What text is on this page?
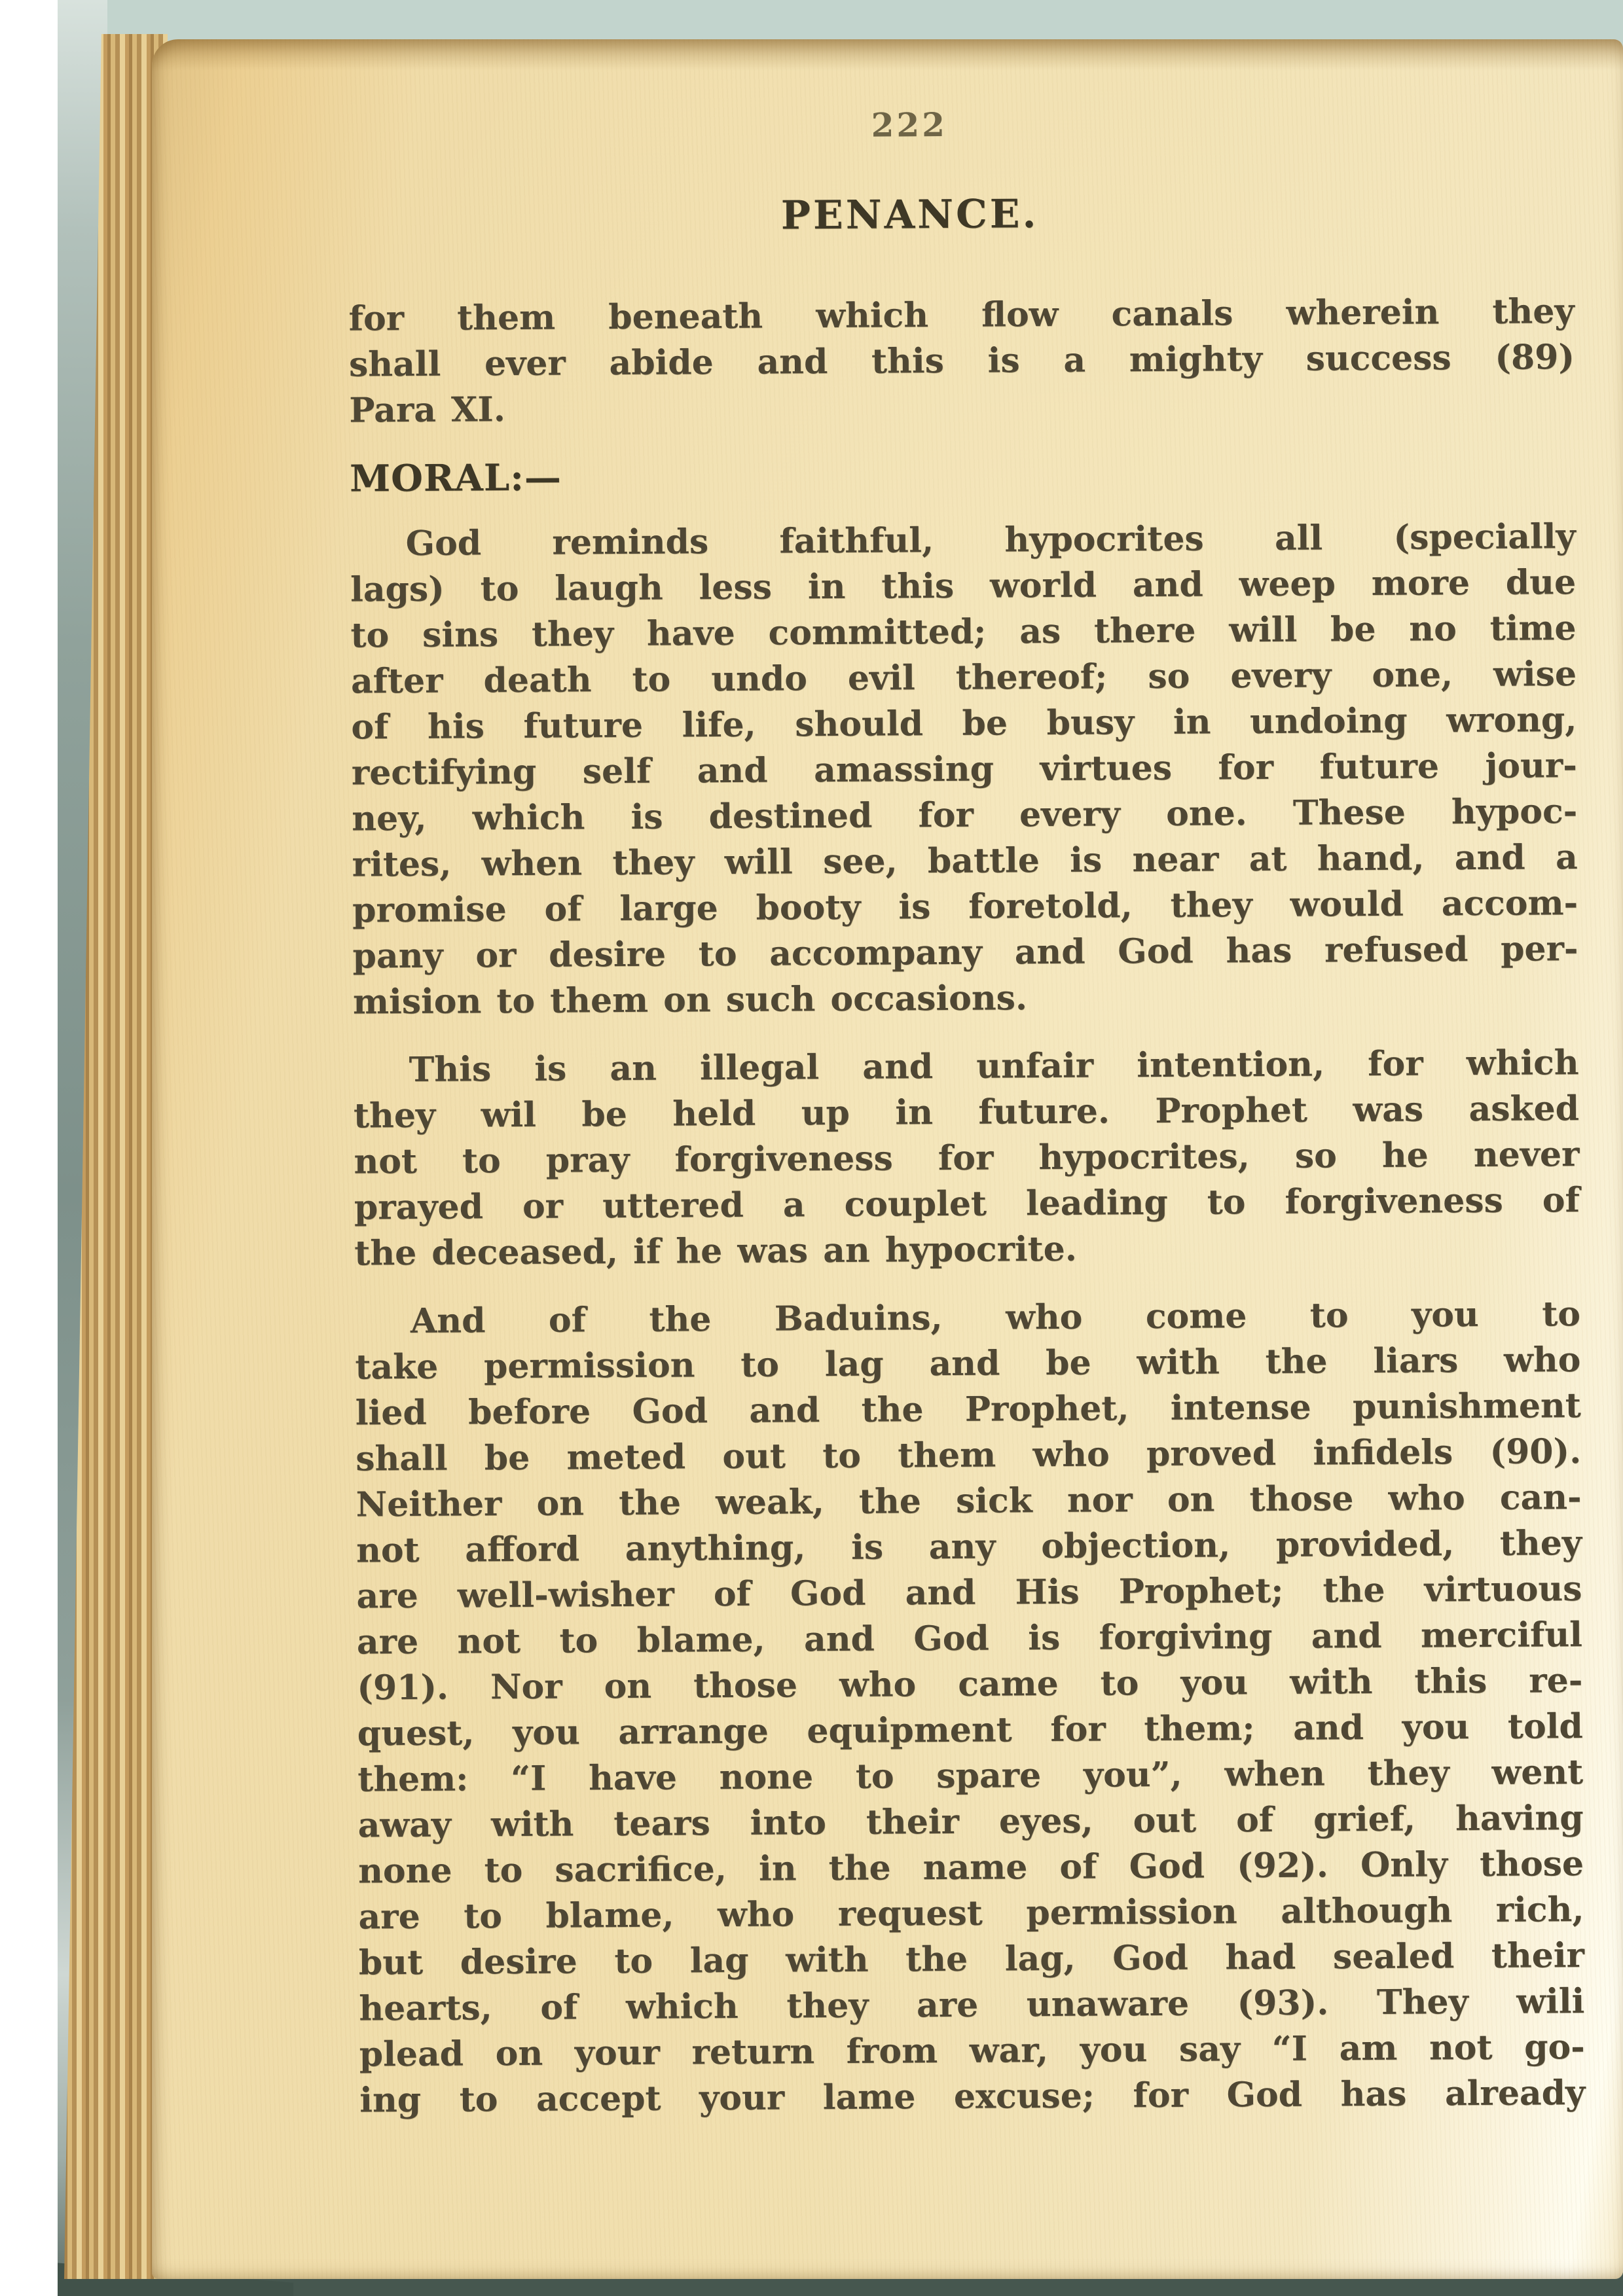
222
PENANCE.
for them beneath which flow canals wherein they
shall ever abide and this is a mighty success (89)
Para XI.
MORAL:—
God reminds faithful, hypocrites all (specially
lags) to laugh less in this world and weep more due
to sins they have committed; as there will be no time
after death to undo evil thereof; so every one, wise
of his future life, should be busy in undoing wrong,
rectifying self and amassing virtues for future jour-
ney, which is destined for every one. These hypoc-
rites, when they will see, battle is near at hand, and a
promise of large booty is foretold, they would accom-
pany or desire to accompany and God has refused per-
mision to them on such occasions.
This is an illegal and unfair intention, for which
they wil be held up in future. Prophet was asked
not to pray forgiveness for hypocrites, so he never
prayed or uttered a couplet leading to forgiveness of
the deceased, if he was an hypocrite.
And of the Baduins, who come to you to
take permission to lag and be with the liars who
lied before God and the Prophet, intense punishment
shall be meted out to them who proved infidels (90).
Neither on the weak, the sick nor on those who can-
not afford anything, is any objection, provided, they
are well-wisher of God and His Prophet; the virtuous
are not to blame, and God is forgiving and merciful
(91). Nor on those who came to you with this re-
quest, you arrange equipment for them; and you told
them: “I have none to spare you”, when they went
away with tears into their eyes, out of grief, having
none to sacrifice, in the name of God (92). Only those
are to blame, who request permission although rich,
but desire to lag with the lag, God had sealed their
hearts, of which they are unaware (93). They wili
plead on your return from war, you say “I am not go-
ing to accept your lame excuse; for God has already
